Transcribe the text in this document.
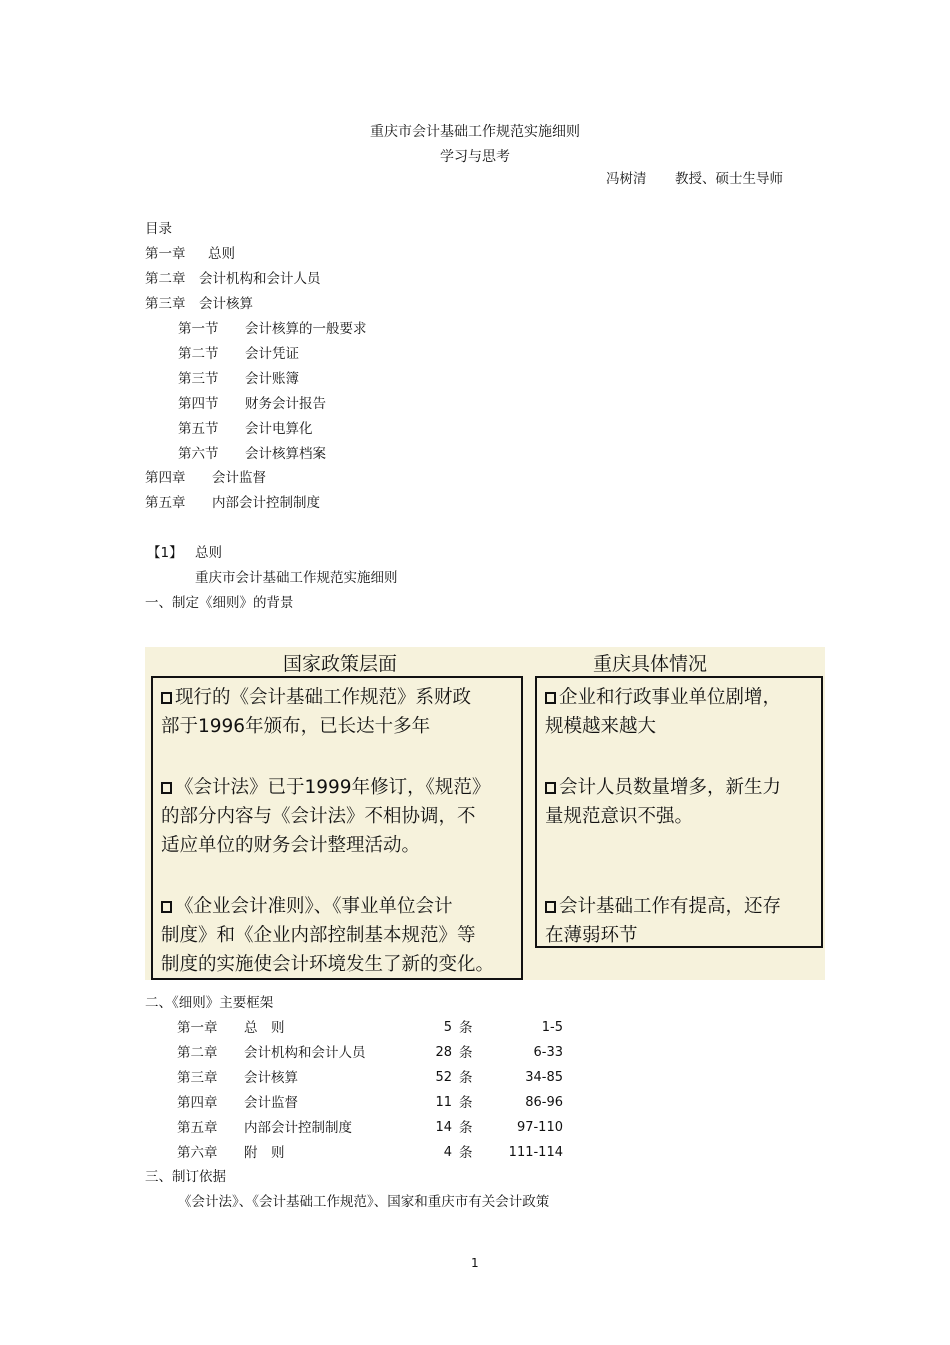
重庆市会计基础工作规范实施细则
学习与思考
冯树清 教授、硕士生导师
目录
第一章 总则
第二章 会计机构和会计人员
第三章 会计核算
第一节 会计核算的一般要求
第二节 会计凭证
第三节 会计账簿
第四节 财务会计报告
第五节 会计电算化
第六节 会计核算档案
第四章 会计监督
第五章 内部会计控制制度
【1】 总则
重庆市会计基础工作规范实施细则
一、制定《细则》的背景
国家政策层面	重庆具体情况
现行的《会计基础工作规范》系财政
部于1996年颁布，已长达十多年
《会计法》已于1999年修订，《规范》
的部分内容与《会计法》不相协调，不
适应单位的财务会计整理活动。
《企业会计准则》、《事业单位会计
制度》和《企业内部控制基本规范》等
制度的实施使会计环境发生了新的变化。
企业和行政事业单位剧增，
规模越来越大
会计人员数量增多，新生力
量规范意识不强。
会计基础工作有提高，还存
在薄弱环节
二、《细则》主要框架
第一章 总　则	5 条	1-5
第二章 会计机构和会计人员	28 条	6-33
第三章 会计核算	52 条	34-85
第四章 会计监督	11 条	86-96
第五章 内部会计控制制度	14 条	97-110
第六章 附　则	4 条	111-114
三、制订依据
《会计法》、《会计基础工作规范》、国家和重庆市有关会计政策
1
